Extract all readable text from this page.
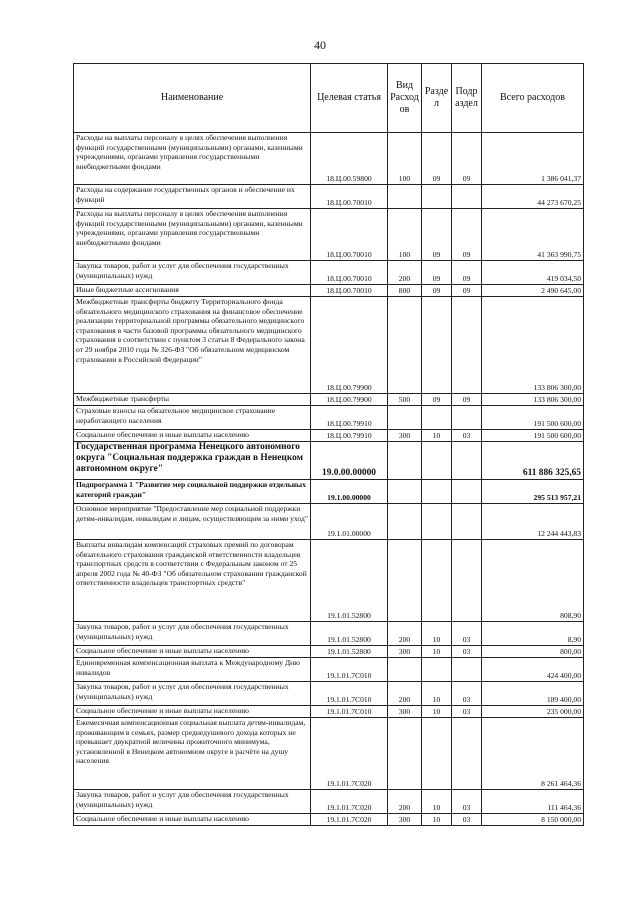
40
Наименование	Целевая статья	Вид Расход ов	Разде л	Подр аздел	Всего расходов
Расходы на выплаты персоналу в целях обеспечения выполнения функций государственными (муниципальными) органами, казенными учреждениями, органами управления государственными внебюджетными фондами	18.Ц.00.59800	100	09	09	1 386 041,37
Расходы на содержание государственных органов и обеспечение их функций	18.Ц.00.70010				44 273 670,25
Расходы на выплаты персоналу в целях обеспечения выполнения функций государственными (муниципальными) органами, казенными учреждениями, органами управления государственными внебюджетными фондами	18.Ц.00.70010	100	09	09	41 363 990,75
Закупка товаров, работ и услуг для обеспечения государственных (муниципальных) нужд	18.Ц.00.70010	200	09	09	419 034,50
Иные бюджетные ассигнования	18.Ц.00.70010	800	09	09	2 490 645,00
Межбюджетные трансферты бюджету Территориального фонда обязательного медицинского страхования на финансовое обеспечение реализации территориальной программы обязательного медицинского страхования в части базовой программы обязательного медицинского страхования в соответствии с пунктом 3 статьи 8 Федерального закона от 29 ноября 2010 года № 326-ФЗ "Об обязательном медицинском страховании в Российской Федерации"	18.Ц.00.79900				133 806 300,00
Межбюджетные трансферты	18.Ц.00.79900	500	09	09	133 806 300,00
Страховые взносы на обязательное медицинское страхование неработающего населения	18.Ц.00.79910				191 500 600,00
Социальное обеспечение и иные выплаты населению	18.Ц.00.79910	300	10	03	191 500 600,00
Государственная программа Ненецкого автономного округа "Социальная поддержка граждан в Ненецком автономном округе"	19.0.00.00000				611 886 325,65
Подпрограмма 1 "Развитие мер социальной поддержки отдельных категорий граждан"	19.1.00.00000				295 513 957,21
Основное мероприятие "Предоставление мер социальной поддержки детям-инвалидам, инвалидам и лицам, осуществляющим за ними уход"	19.1.01.00000				12 244 443,83
Выплаты инвалидам компенсаций страховых премий по договорам обязательного страхования гражданской ответственности владельцев транспортных средств в соответствии с Федеральным законом от 25 апреля 2002 года № 40-ФЗ "Об обязательном страховании гражданской ответственности владельцев транспортных средств"	19.1.01.52800				808,90
Закупка товаров, работ и услуг для обеспечения государственных (муниципальных) нужд	19.1.01.52800	200	10	03	8,90
Социальное обеспечение и иные выплаты населению	19.1.01.52800	300	10	03	800,00
Единовременная компенсационная выплата к Международному Дню инвалидов	19.1.01.7С010				424 400,00
Закупка товаров, работ и услуг для обеспечения государственных (муниципальных) нужд	19.1.01.7С010	200	10	03	189 400,00
Социальное обеспечение и иные выплаты населению	19.1.01.7С010	300	10	03	235 000,00
Ежемесячная компенсационная социальная выплата детям-инвалидам, проживающим в семьях, размер среднедушевого дохода которых не превышает двукратной величины прожиточного минимума, установленной в Ненецком автономном округе в расчёте на душу населения	19.1.01.7С020				8 261 464,36
Закупка товаров, работ и услуг для обеспечения государственных (муниципальных) нужд	19.1.01.7С020	200	10	03	111 464,36
Социальное обеспечение и иные выплаты населению	19.1.01.7С020	300	10	03	8 150 000,00
